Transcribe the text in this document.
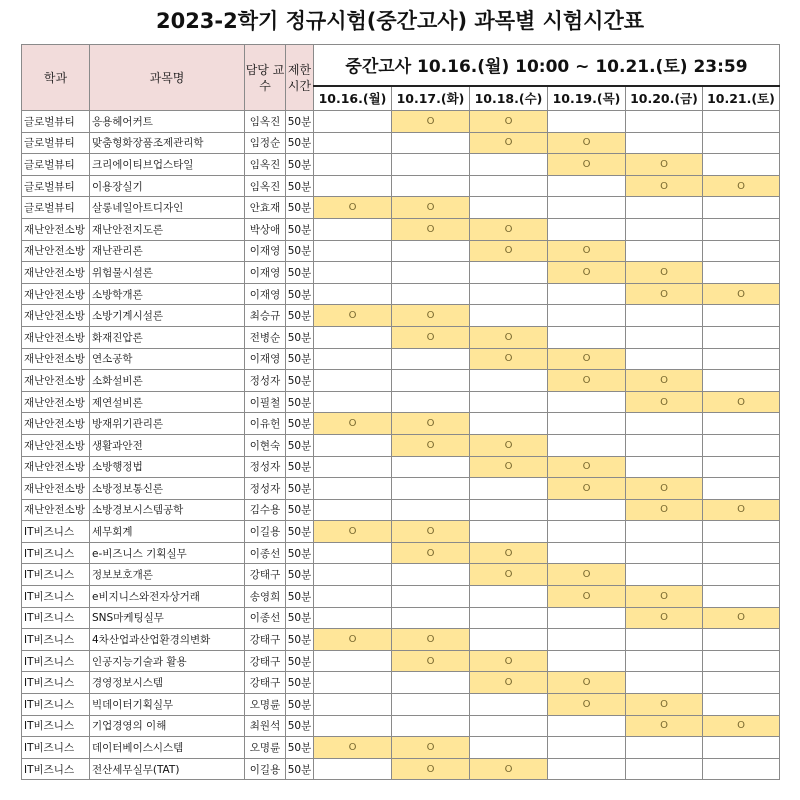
2023-2학기 정규시험(중간고사) 과목별 시험시간표
학과	과목명	담당 교수	제한 시간	중간고사 10.16.(월) 10:00 ~ 10.21.(토) 23:59					
				10.16.(월)	10.17.(화)	10.18.(수)	10.19.(목)	10.20.(금)	10.21.(토)
글로벌뷰티	응용헤어커트	임옥진	50분		O	O			
글로벌뷰티	맞춤형화장품조제관리학	임정순	50분			O	O		
글로벌뷰티	크리에이티브업스타일	임옥진	50분				O	O	
글로벌뷰티	이용장실기	임옥진	50분					O	O
글로벌뷰티	살롱네일아트디자인	안효재	50분	O	O				
재난안전소방	재난안전지도론	박상애	50분		O	O			
재난안전소방	재난관리론	이재영	50분			O	O		
재난안전소방	위험물시설론	이재영	50분				O	O	
재난안전소방	소방학개론	이재영	50분					O	O
재난안전소방	소방기계시설론	최승규	50분	O	O				
재난안전소방	화재진압론	전병순	50분		O	O			
재난안전소방	연소공학	이재영	50분			O	O		
재난안전소방	소화설비론	정성자	50분				O	O	
재난안전소방	제연설비론	이필철	50분					O	O
재난안전소방	방재위기관리론	이유헌	50분	O	O				
재난안전소방	생활과안전	이현숙	50분		O	O			
재난안전소방	소방행정법	정성자	50분			O	O		
재난안전소방	소방정보통신론	정성자	50분				O	O	
재난안전소방	소방경보시스템공학	김수용	50분					O	O
IT비즈니스	세무회계	이길용	50분	O	O				
IT비즈니스	e-비즈니스 기획실무	이종선	50분		O	O			
IT비즈니스	정보보호개론	강태구	50분			O	O		
IT비즈니스	e비지니스와전자상거래	송영희	50분				O	O	
IT비즈니스	SNS마케팅실무	이종선	50분					O	O
IT비즈니스	4차산업과산업환경의변화	강태구	50분	O	O				
IT비즈니스	인공지능기술과 활용	강태구	50분		O	O			
IT비즈니스	경영정보시스템	강태구	50분			O	O		
IT비즈니스	빅데이터기획실무	오명륜	50분				O	O	
IT비즈니스	기업경영의 이해	최원석	50분					O	O
IT비즈니스	데이터베이스시스템	오명륜	50분	O	O				
IT비즈니스	전산세무실무(TAT)	이길용	50분		O	O			
